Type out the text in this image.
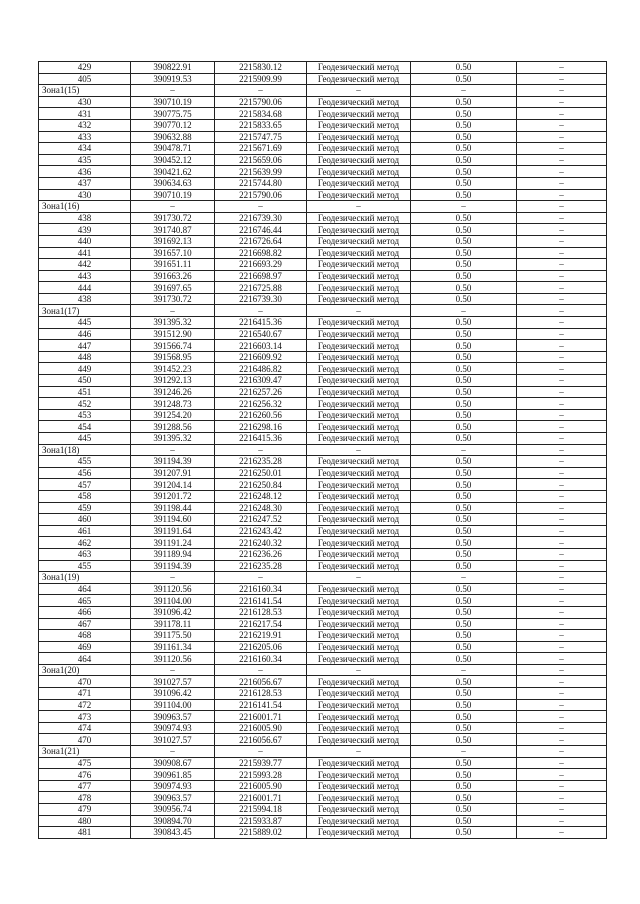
429	390822.91	2215830.12	Геодезический метод	0.50	–
405	390919.53	2215909.99	Геодезический метод	0.50	–
Зона1(15)	–	–	–	–	–
430	390710.19	2215790.06	Геодезический метод	0.50	–
431	390775.75	2215834.68	Геодезический метод	0.50	–
432	390770.12	2215833.65	Геодезический метод	0.50	–
433	390632.88	2215747.75	Геодезический метод	0.50	–
434	390478.71	2215671.69	Геодезический метод	0.50	–
435	390452.12	2215659.06	Геодезический метод	0.50	–
436	390421.62	2215639.99	Геодезический метод	0.50	–
437	390634.63	2215744.80	Геодезический метод	0.50	–
430	390710.19	2215790.06	Геодезический метод	0.50	–
Зона1(16)	–	–	–	–	–
438	391730.72	2216739.30	Геодезический метод	0.50	–
439	391740.87	2216746.44	Геодезический метод	0.50	–
440	391692.13	2216726.64	Геодезический метод	0.50	–
441	391657.10	2216698.82	Геодезический метод	0.50	–
442	391651.11	2216693.29	Геодезический метод	0.50	–
443	391663.26	2216698.97	Геодезический метод	0.50	–
444	391697.65	2216725.88	Геодезический метод	0.50	–
438	391730.72	2216739.30	Геодезический метод	0.50	–
Зона1(17)	–	–	–	–	–
445	391395.32	2216415.36	Геодезический метод	0.50	–
446	391512.90	2216540.67	Геодезический метод	0.50	–
447	391566.74	2216603.14	Геодезический метод	0.50	–
448	391568.95	2216609.92	Геодезический метод	0.50	–
449	391452.23	2216486.82	Геодезический метод	0.50	–
450	391292.13	2216309.47	Геодезический метод	0.50	–
451	391246.26	2216257.26	Геодезический метод	0.50	–
452	391248.73	2216256.32	Геодезический метод	0.50	–
453	391254.20	2216260.56	Геодезический метод	0.50	–
454	391288.56	2216298.16	Геодезический метод	0.50	–
445	391395.32	2216415.36	Геодезический метод	0.50	–
Зона1(18)	–	–	–	–	–
455	391194.39	2216235.28	Геодезический метод	0.50	–
456	391207.91	2216250.01	Геодезический метод	0.50	–
457	391204.14	2216250.84	Геодезический метод	0.50	–
458	391201.72	2216248.12	Геодезический метод	0.50	–
459	391198.44	2216248.30	Геодезический метод	0.50	–
460	391194.60	2216247.52	Геодезический метод	0.50	–
461	391191.64	2216243.42	Геодезический метод	0.50	–
462	391191.24	2216240.32	Геодезический метод	0.50	–
463	391189.94	2216236.26	Геодезический метод	0.50	–
455	391194.39	2216235.28	Геодезический метод	0.50	–
Зона1(19)	–	–	–	–	–
464	391120.56	2216160.34	Геодезический метод	0.50	–
465	391104.00	2216141.54	Геодезический метод	0.50	–
466	391096.42	2216128.53	Геодезический метод	0.50	–
467	391178.11	2216217.54	Геодезический метод	0.50	–
468	391175.50	2216219.91	Геодезический метод	0.50	–
469	391161.34	2216205.06	Геодезический метод	0.50	–
464	391120.56	2216160.34	Геодезический метод	0.50	–
Зона1(20)	–	–	–	–	–
470	391027.57	2216056.67	Геодезический метод	0.50	–
471	391096.42	2216128.53	Геодезический метод	0.50	–
472	391104.00	2216141.54	Геодезический метод	0.50	–
473	390963.57	2216001.71	Геодезический метод	0.50	–
474	390974.93	2216005.90	Геодезический метод	0.50	–
470	391027.57	2216056.67	Геодезический метод	0.50	–
Зона1(21)	–	–	–	–	–
475	390908.67	2215939.77	Геодезический метод	0.50	–
476	390961.85	2215993.28	Геодезический метод	0.50	–
477	390974.93	2216005.90	Геодезический метод	0.50	–
478	390963.57	2216001.71	Геодезический метод	0.50	–
479	390956.74	2215994.18	Геодезический метод	0.50	–
480	390894.70	2215933.87	Геодезический метод	0.50	–
481	390843.45	2215889.02	Геодезический метод	0.50	–
